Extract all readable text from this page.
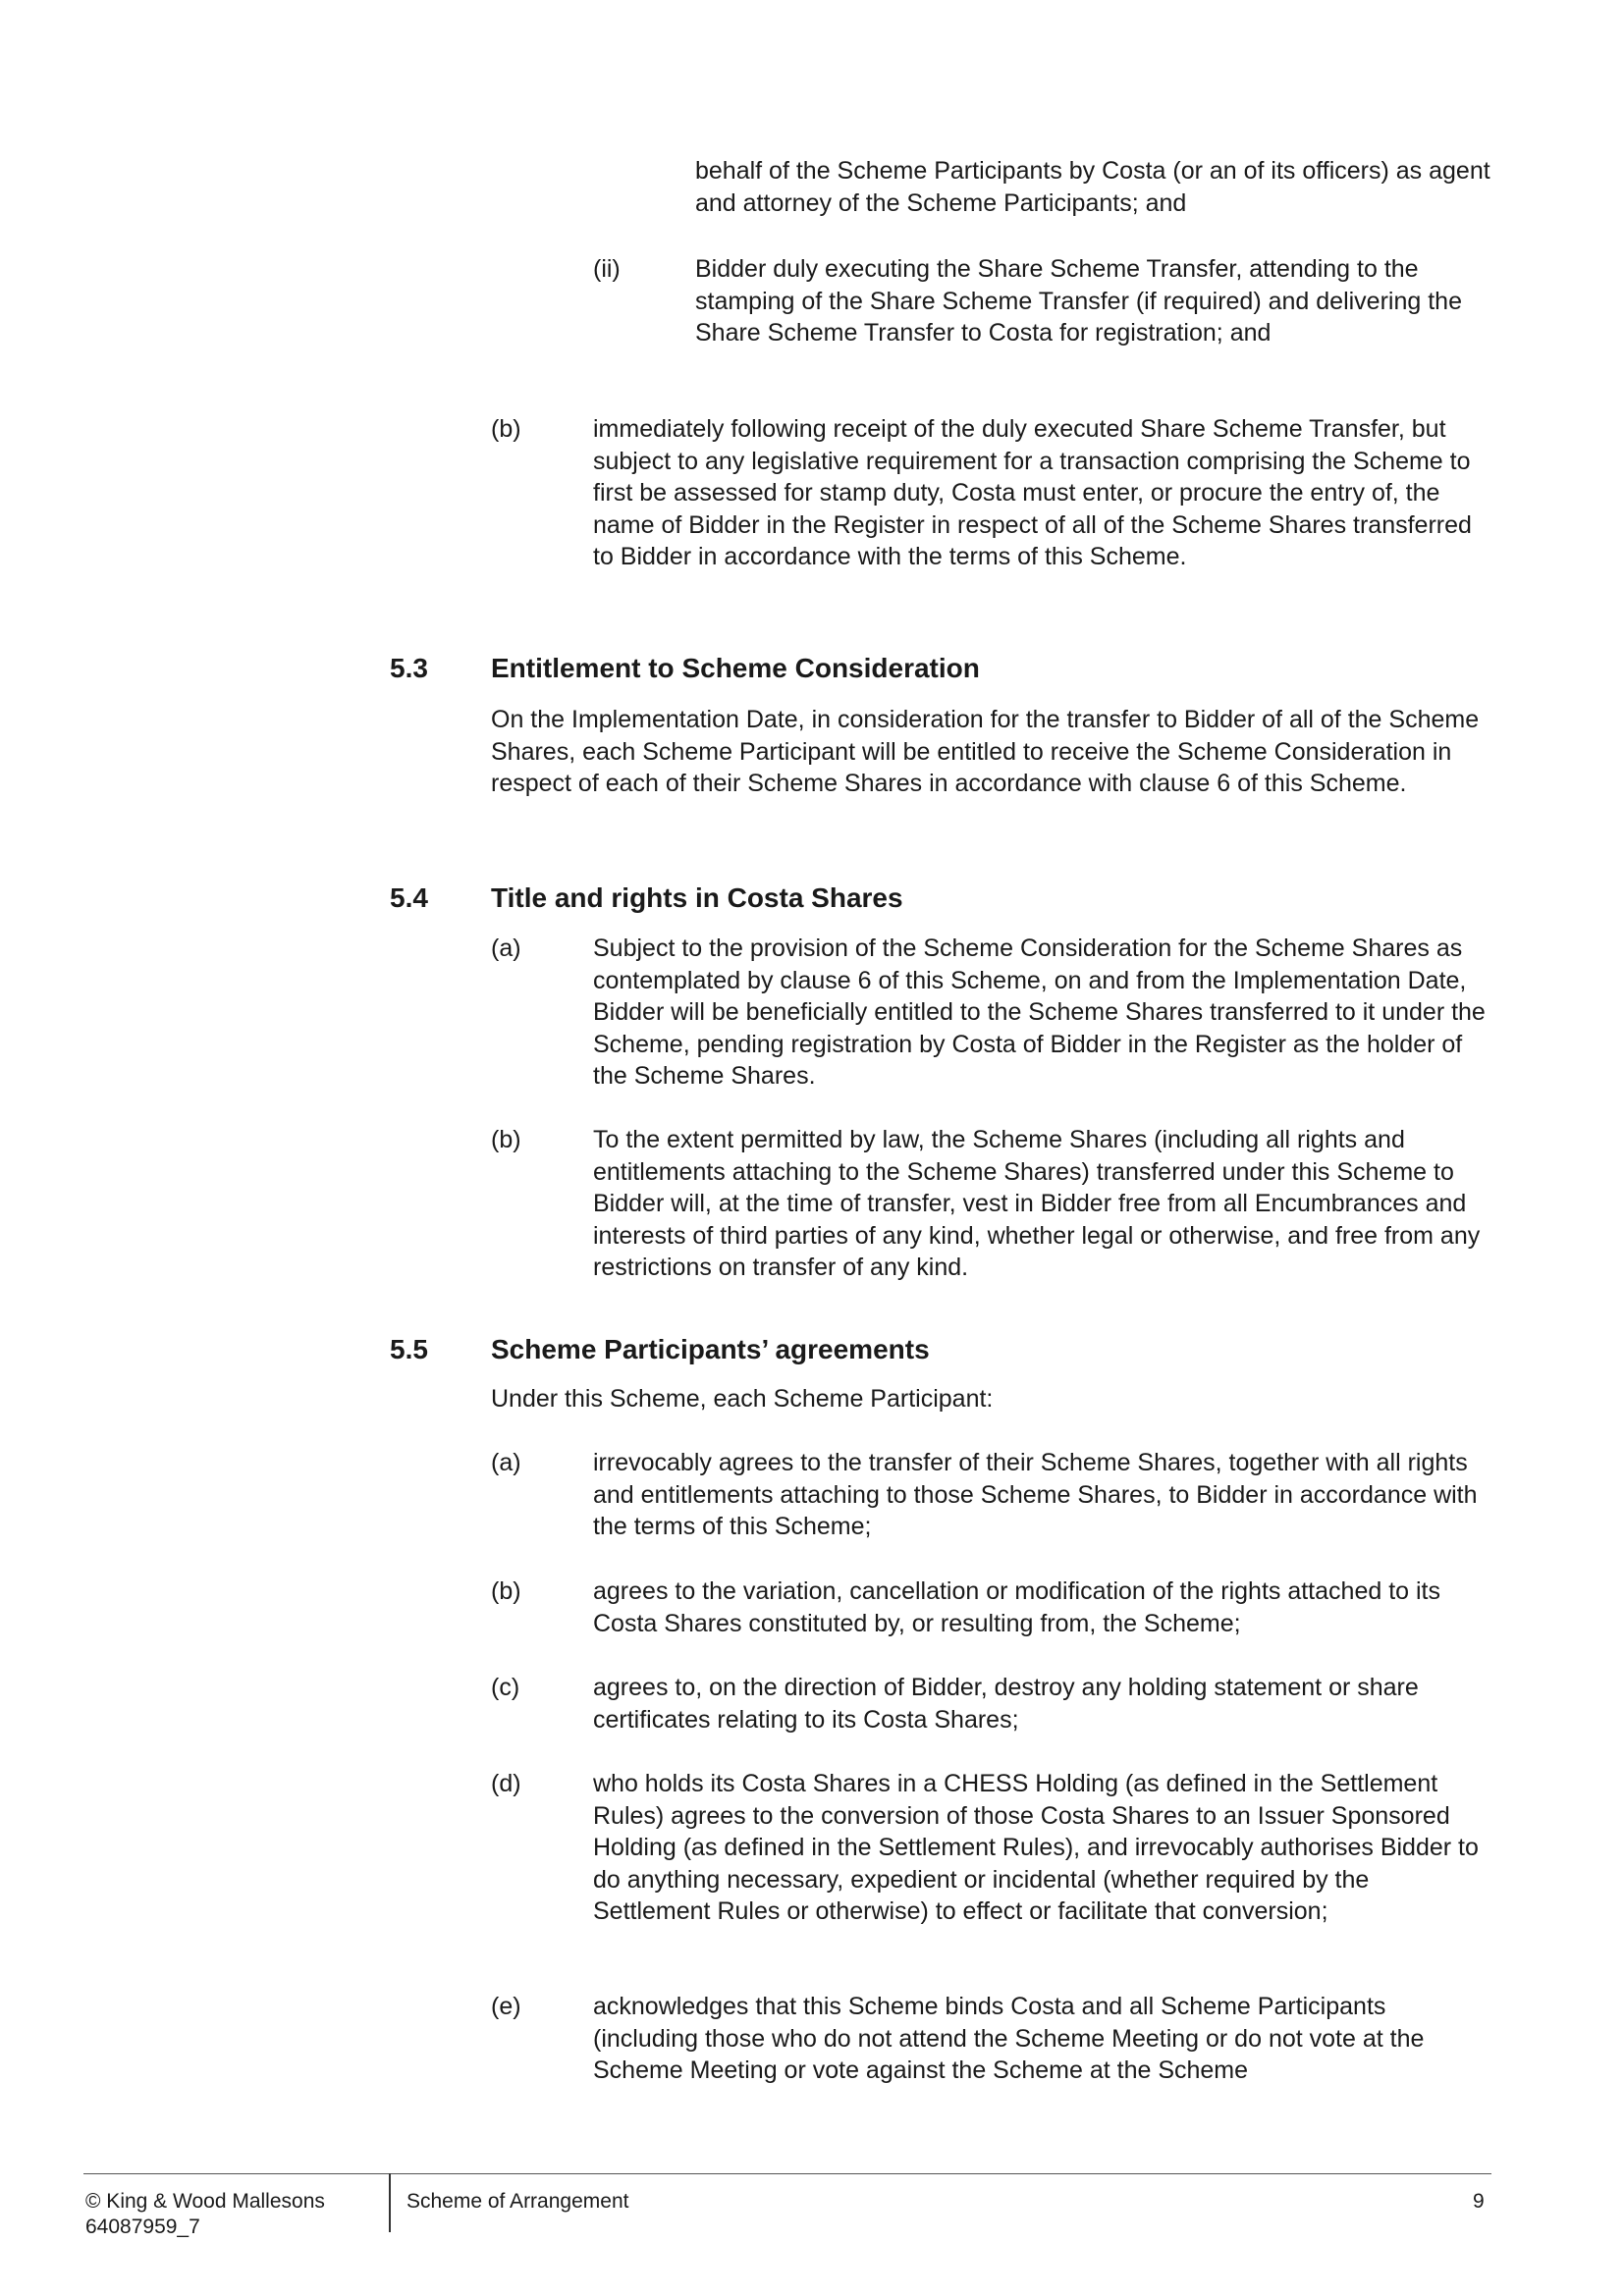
behalf of the Scheme Participants by Costa (or an of its officers) as agent and attorney of the Scheme Participants; and

(ii)	Bidder duly executing the Share Scheme Transfer, attending to the stamping of the Share Scheme Transfer (if required) and delivering the Share Scheme Transfer to Costa for registration; and

(b)	immediately following receipt of the duly executed Share Scheme Transfer, but subject to any legislative requirement for a transaction comprising the Scheme to first be assessed for stamp duty, Costa must enter, or procure the entry of, the name of Bidder in the Register in respect of all of the Scheme Shares transferred to Bidder in accordance with the terms of this Scheme.

5.3 Entitlement to Scheme Consideration

On the Implementation Date, in consideration for the transfer to Bidder of all of the Scheme Shares, each Scheme Participant will be entitled to receive the Scheme Consideration in respect of each of their Scheme Shares in accordance with clause 6 of this Scheme.

5.4 Title and rights in Costa Shares

(a)	Subject to the provision of the Scheme Consideration for the Scheme Shares as contemplated by clause 6 of this Scheme, on and from the Implementation Date, Bidder will be beneficially entitled to the Scheme Shares transferred to it under the Scheme, pending registration by Costa of Bidder in the Register as the holder of the Scheme Shares.

(b)	To the extent permitted by law, the Scheme Shares (including all rights and entitlements attaching to the Scheme Shares) transferred under this Scheme to Bidder will, at the time of transfer, vest in Bidder free from all Encumbrances and interests of third parties of any kind, whether legal or otherwise, and free from any restrictions on transfer of any kind.

5.5 Scheme Participants’ agreements

Under this Scheme, each Scheme Participant:

(a)	irrevocably agrees to the transfer of their Scheme Shares, together with all rights and entitlements attaching to those Scheme Shares, to Bidder in accordance with the terms of this Scheme;

(b)	agrees to the variation, cancellation or modification of the rights attached to its Costa Shares constituted by, or resulting from, the Scheme;

(c)	agrees to, on the direction of Bidder, destroy any holding statement or share certificates relating to its Costa Shares;

(d)	who holds its Costa Shares in a CHESS Holding (as defined in the Settlement Rules) agrees to the conversion of those Costa Shares to an Issuer Sponsored Holding (as defined in the Settlement Rules), and irrevocably authorises Bidder to do anything necessary, expedient or incidental (whether required by the Settlement Rules or otherwise) to effect or facilitate that conversion;

(e)	acknowledges that this Scheme binds Costa and all Scheme Participants (including those who do not attend the Scheme Meeting or do not vote at the Scheme Meeting or vote against the Scheme at the Scheme

© King & Wood Mallesons

64087959_7

Scheme of Arrangement	9
